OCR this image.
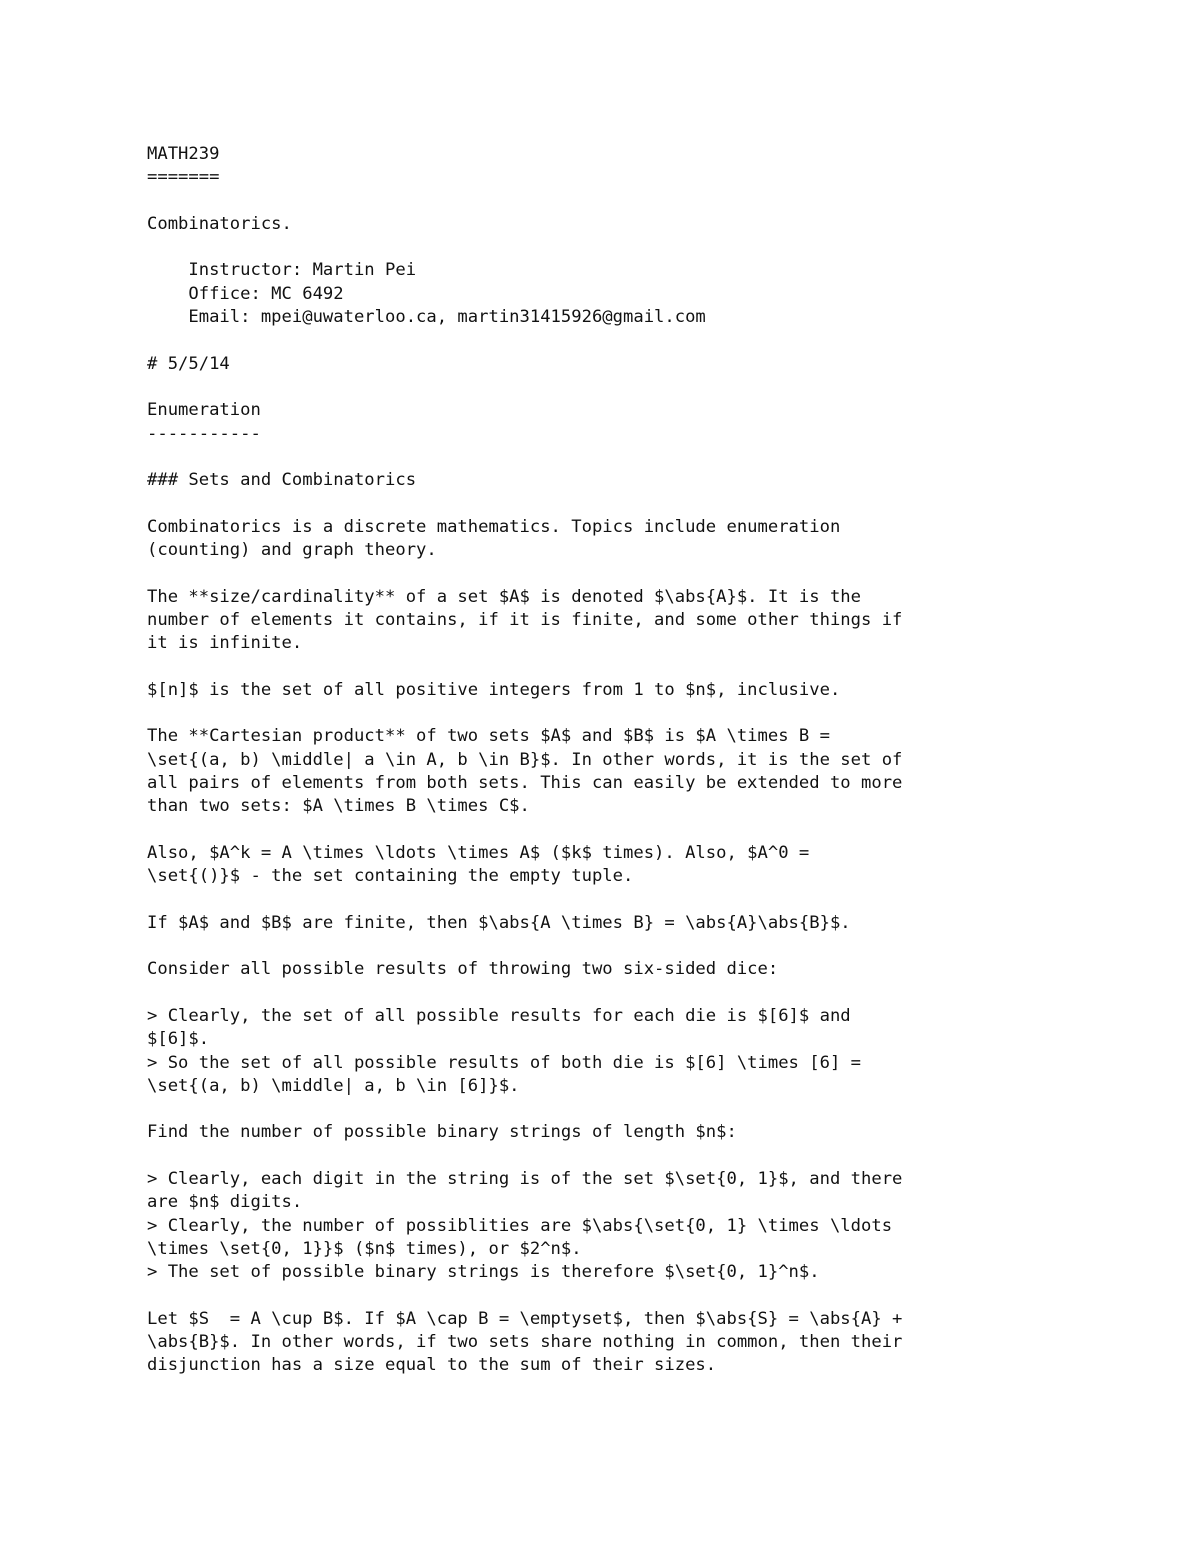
MATH239
=======
Combinatorics.
Instructor: Martin Pei
Office: MC 6492
Email: mpei@uwaterloo.ca, martin31415926@gmail.com
# 5/5/14
Enumeration
-----------
### Sets and Combinatorics
Combinatorics is a discrete mathematics. Topics include enumeration
(counting) and graph theory.
The **size/cardinality** of a set $A$ is denoted $\abs{A}$. It is the
number of elements it contains, if it is finite, and some other things if
it is infinite.
$[n]$ is the set of all positive integers from 1 to $n$, inclusive.
The **Cartesian product** of two sets $A$ and $B$ is $A \times B =
\set{(a, b) \middle| a \in A, b \in B}$. In other words, it is the set of
all pairs of elements from both sets. This can easily be extended to more
than two sets: $A \times B \times C$.
Also, $A^k = A \times \ldots \times A$ ($k$ times). Also, $A^0 =
\set{()}$ - the set containing the empty tuple.
If $A$ and $B$ are finite, then $\abs{A \times B} = \abs{A}\abs{B}$.
Consider all possible results of throwing two six-sided dice:
> Clearly, the set of all possible results for each die is $[6]$ and
$[6]$.
> So the set of all possible results of both die is $[6] \times [6] =
\set{(a, b) \middle| a, b \in [6]}$.
Find the number of possible binary strings of length $n$:
> Clearly, each digit in the string is of the set $\set{0, 1}$, and there
are $n$ digits.
> Clearly, the number of possiblities are $\abs{\set{0, 1} \times \ldots
\times \set{0, 1}}$ ($n$ times), or $2^n$.
> The set of possible binary strings is therefore $\set{0, 1}^n$.
Let $S  = A \cup B$. If $A \cap B = \emptyset$, then $\abs{S} = \abs{A} +
\abs{B}$. In other words, if two sets share nothing in common, then their
disjunction has a size equal to the sum of their sizes.
